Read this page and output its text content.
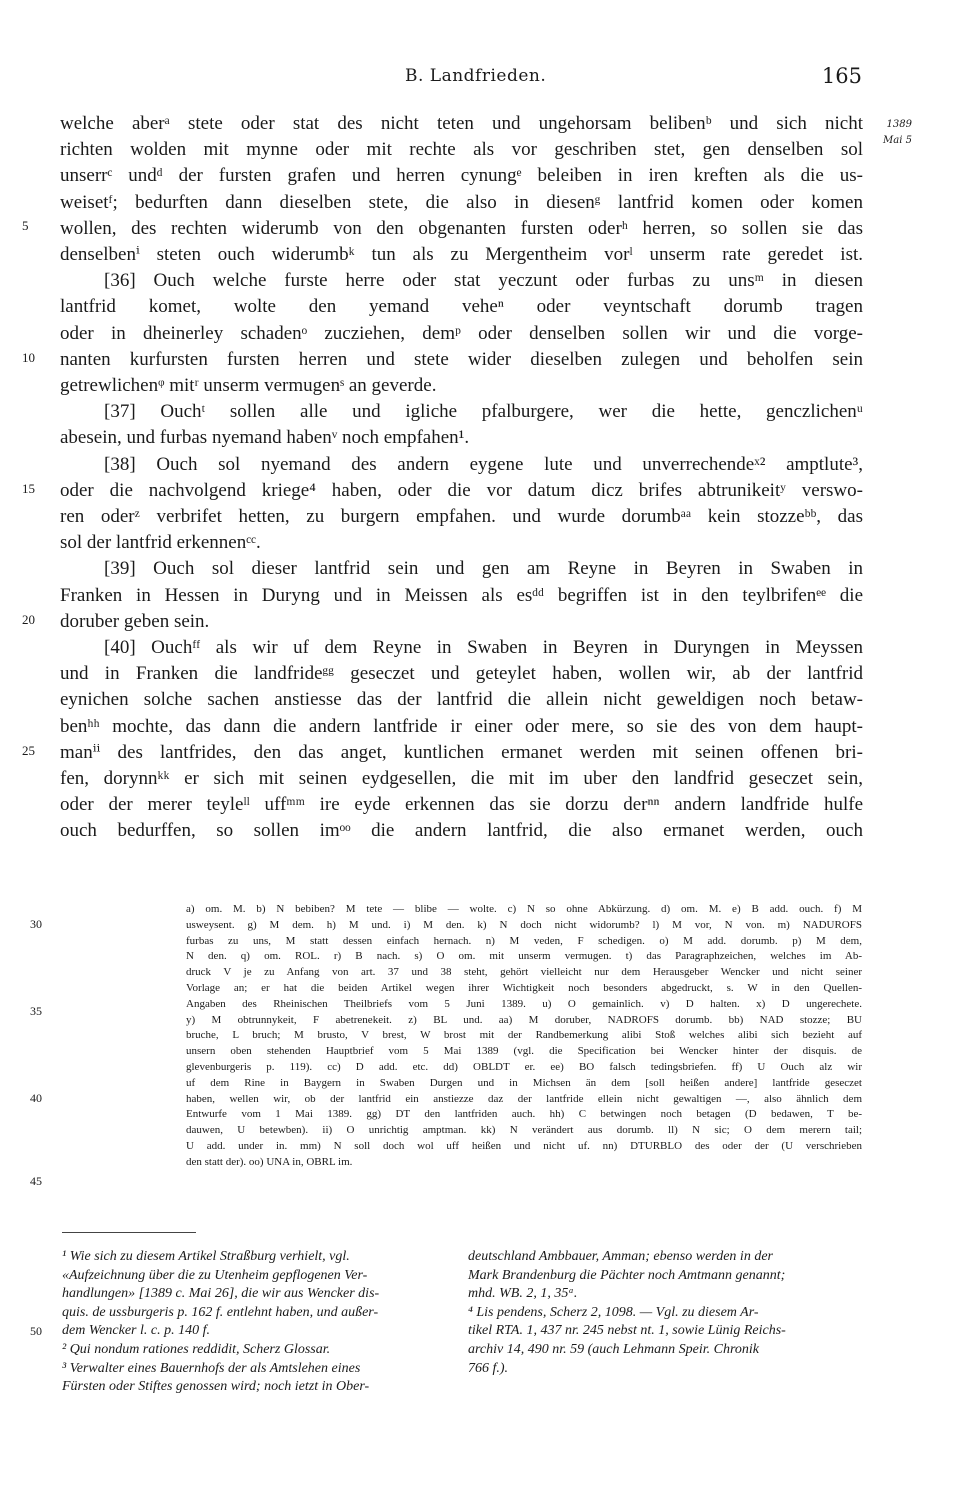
B. Landfrieden.	165
1389
Mai 5
5
10
15
20
25
30
35
40
45
50
welche aberᵃ stete oder stat des nicht teten und ungehorsam belibenᵇ und sich nicht
richten wolden mit mynne oder mit rechte als vor geschriben stet, gen denselben sol
unserrᶜ undᵈ der fursten grafen und herren cynungᵉ beleiben in iren kreften als die us-
weisetᶠ; bedurften dann dieselben stete, die also in diesenᵍ lantfrid komen oder komen
wollen, des rechten widerumb von den obgenanten fursten oderʰ herren, so sollen sie das
denselbenⁱ steten ouch widerumbᵏ tun als zu Mergentheim vorˡ unserm rate geredet ist.
[36] Ouch welche furste herre oder stat yeczunt oder furbas zu unsᵐ in diesen
lantfrid komet, wolte den yemand veheⁿ oder veyntschaft dorumb tragen
oder in dheinerley schadenᵒ zucziehen, demᵖ oder denselben sollen wir und die vorge-
nanten kurfursten fursten herren und stete wider dieselben zulegen und beholfen sein
getrewlichenᵠ mitʳ unserm vermugenˢ an geverde.
[37] Ouchᵗ sollen alle und igliche pfalburgere, wer die hette, genczlichenᵘ
abesein, und furbas nyemand habenᵛ noch empfahen¹.
[38] Ouch sol nyemand des andern eygene lute und unverrechendeˣ² amptlute³,
oder die nachvolgend kriege⁴ haben, oder die vor datum dicz brifes abtrunikeitʸ verswo-
ren oderᶻ verbrifet hetten, zu burgern empfahen. und wurde dorumbᵃᵃ kein stozzeᵇᵇ, das
sol der lantfrid erkennenᶜᶜ.
[39] Ouch sol dieser lantfrid sein und gen am Reyne in Beyren in Swaben in
Franken in Hessen in Duryng und in Meissen als esᵈᵈ begriffen ist in den teylbrifenᵉᵉ die
doruber geben sein.
[40] Ouchᶠᶠ als wir uf dem Reyne in Swaben in Beyren in Duryngen in Meyssen
und in Franken die landfrideᵍᵍ geseczet und geteylet haben, wollen wir, ab der lantfrid
eynichen solche sachen anstiesse das der lantfrid die allein nicht geweldigen noch betaw-
benʰʰ mochte, das dann die andern lantfride ir einer oder mere, so sie des von dem haupt-
manⁱⁱ des lantfrides, den das anget, kuntlichen ermanet werden mit seinen offenen bri-
fen, dorynnᵏᵏ er sich mit seinen eydgesellen, die mit im uber den landfrid geseczet sein,
oder der merer teyleˡˡ uffᵐᵐ ire eyde erkennen das sie dorzu derⁿⁿ andern landfride hulfe
ouch bedurffen, so sollen imᵒᵒ die andern lantfrid, die also ermanet werden, ouch
a) om. M. b) N bebiben? M tete — blibe — wolte. c) N so ohne Abkürzung. d) om. M. e) B add. ouch. f) M
usweysent. g) M dem. h) M und. i) M den. k) N doch nicht widorumb? l) M vor, N von. m) NADUROFS
furbas zu uns, M statt dessen einfach hernach. n) M veden, F schedigen. o) M add. dorumb. p) M dem,
N den. q) om. ROL. r) B nach. s) O om. mit unserm vermugen. t) das Paragraphzeichen, welches im Ab-
druck V je zu Anfang von art. 37 und 38 steht, gehört vielleicht nur dem Herausgeber Wencker und nicht seiner
Vorlage an; er hat die beiden Artikel wegen ihrer Wichtigkeit noch besonders abgedruckt, s. W in den Quellen-
Angaben des Rheinischen Theilbriefs vom 5 Juni 1389. u) O gemainlich. v) D halten. x) D ungerechete.
y) M obtrunnykeit, F abetrenekeit. z) BL und. aa) M doruber, NADROFS dorumb. bb) NAD stozze; BU
bruche, L bruch; M brusto, V brest, W brost mit der Randbemerkung alibi Stoß welches alibi sich bezieht auf
unsern oben stehenden Hauptbrief vom 5 Mai 1389 (vgl. die Specification bei Wencker hinter der disquis. de
glevenburgeris p. 119). cc) D add. etc. dd) OBLDT er. ee) BO falsch tedingsbriefen. ff) U Ouch alz wir
uf dem Rine in Baygern in Swaben Durgen und in Michsen än dem [soll heißen andere] lantfride geseczet
haben, wellen wir, ob der lantfrid ein anstiezze daz der lantfride ellein nicht gewaltigen —, also ähnlich dem
Entwurfe vom 1 Mai 1389. gg) DT den lantfriden auch. hh) C betwingen noch betagen (D bedawen, T be-
dauwen, U betewben). ii) O unrichtig amptman. kk) N verändert aus dorumb. ll) N sic; O dem merern tail;
U add. under in. mm) N soll doch wol uff heißen und nicht uf. nn) DTURBLO des oder der (U verschrieben
den statt der). oo) UNA in, OBRL im.
¹ Wie sich zu diesem Artikel Straßburg verhielt, vgl.
«Aufzeichnung über die zu Utenheim gepflogenen Ver-
handlungen» [1389 c. Mai 26], die wir aus Wencker dis-
quis. de ussburgeris p. 162 f. entlehnt haben, und außer-
dem Wencker l. c. p. 140 f.
² Qui nondum rationes reddidit, Scherz Glossar.
³ Verwalter eines Bauernhofs der als Amtslehen eines
Fürsten oder Stiftes genossen wird; noch ietzt in Ober-
deutschland Ambbauer, Amman; ebenso werden in der
Mark Brandenburg die Pächter noch Amtmann genannt;
mhd. WB. 2, 1, 35ᵃ.
⁴ Lis pendens, Scherz 2, 1098. — Vgl. zu diesem Ar-
tikel RTA. 1, 437 nr. 245 nebst nt. 1, sowie Lünig Reichs-
archiv 14, 490 nr. 59 (auch Lehmann Speir. Chronik
766 f.).
